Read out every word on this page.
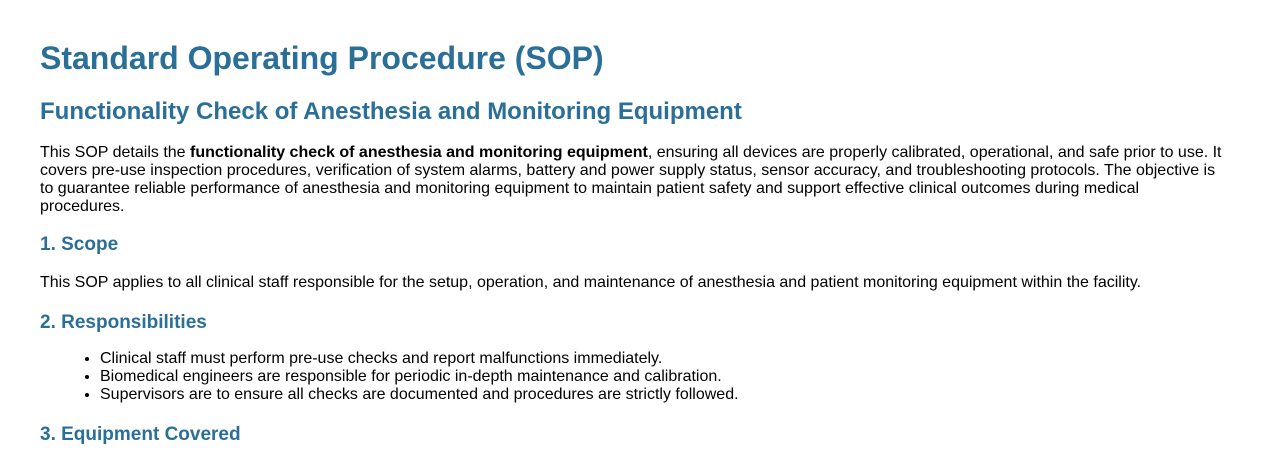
Standard Operating Procedure (SOP)
Functionality Check of Anesthesia and Monitoring Equipment

This SOP details the functionality check of anesthesia and monitoring equipment, ensuring all devices are properly calibrated, operational, and safe prior to use. It covers pre-use inspection procedures, verification of system alarms, battery and power supply status, sensor accuracy, and troubleshooting protocols. The objective is to guarantee reliable performance of anesthesia and monitoring equipment to maintain patient safety and support effective clinical outcomes during medical procedures.

1. Scope

This SOP applies to all clinical staff responsible for the setup, operation, and maintenance of anesthesia and patient monitoring equipment within the facility.

2. Responsibilities
• Clinical staff must perform pre-use checks and report malfunctions immediately.
• Biomedical engineers are responsible for periodic in-depth maintenance and calibration.
• Supervisors are to ensure all checks are documented and procedures are strictly followed.
3. Equipment Covered
